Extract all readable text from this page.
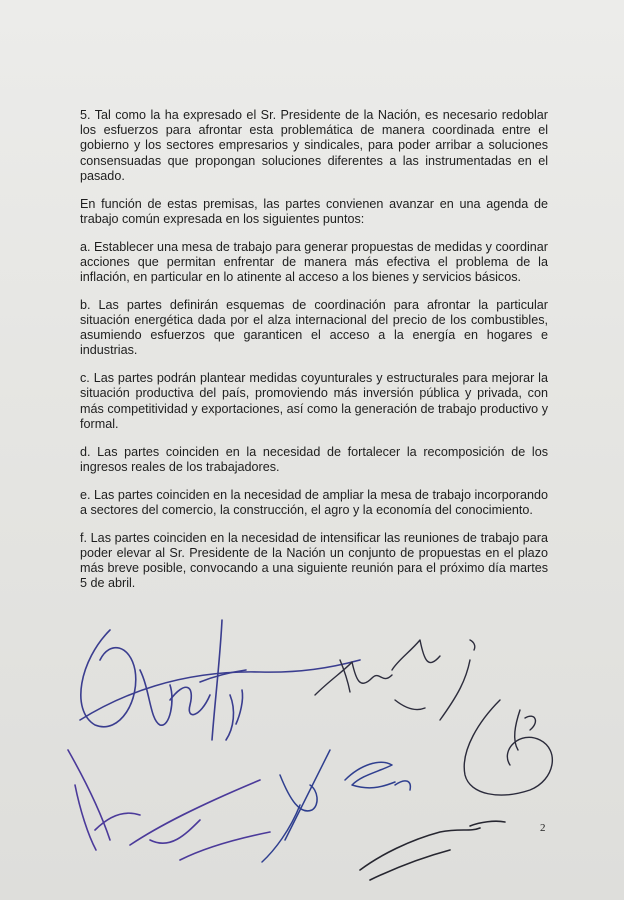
5. Tal como la ha expresado el Sr. Presidente de la Nación, es necesario redoblar los esfuerzos para afrontar esta problemática de manera coordinada entre el gobierno y los sectores empresarios y sindicales, para poder arribar a soluciones consensuadas que propongan soluciones diferentes a las instrumentadas en el pasado.

En función de estas premisas, las partes convienen avanzar en una agenda de trabajo común expresada en los siguientes puntos:

a. Establecer una mesa de trabajo para generar propuestas de medidas y coordinar acciones que permitan enfrentar de manera más efectiva el problema de la inflación, en particular en lo atinente al acceso a los bienes y servicios básicos.

b. Las partes definirán esquemas de coordinación para afrontar la particular situación energética dada por el alza internacional del precio de los combustibles, asumiendo esfuerzos que garanticen el acceso a la energía en hogares e industrias.

c. Las partes podrán plantear medidas coyunturales y estructurales para mejorar la situación productiva del país, promoviendo más inversión pública y privada, con más competitividad y exportaciones, así como la generación de trabajo productivo y formal.

d. Las partes coinciden en la necesidad de fortalecer la recomposición de los ingresos reales de los trabajadores.

e. Las partes coinciden en la necesidad de ampliar la mesa de trabajo incorporando a sectores del comercio, la construcción, el agro y la economía del conocimiento.

f. Las partes coinciden en la necesidad de intensificar las reuniones de trabajo para poder elevar al Sr. Presidente de la Nación un conjunto de propuestas en el plazo más breve posible, convocando a una siguiente reunión para el próximo día martes 5 de abril.

2
